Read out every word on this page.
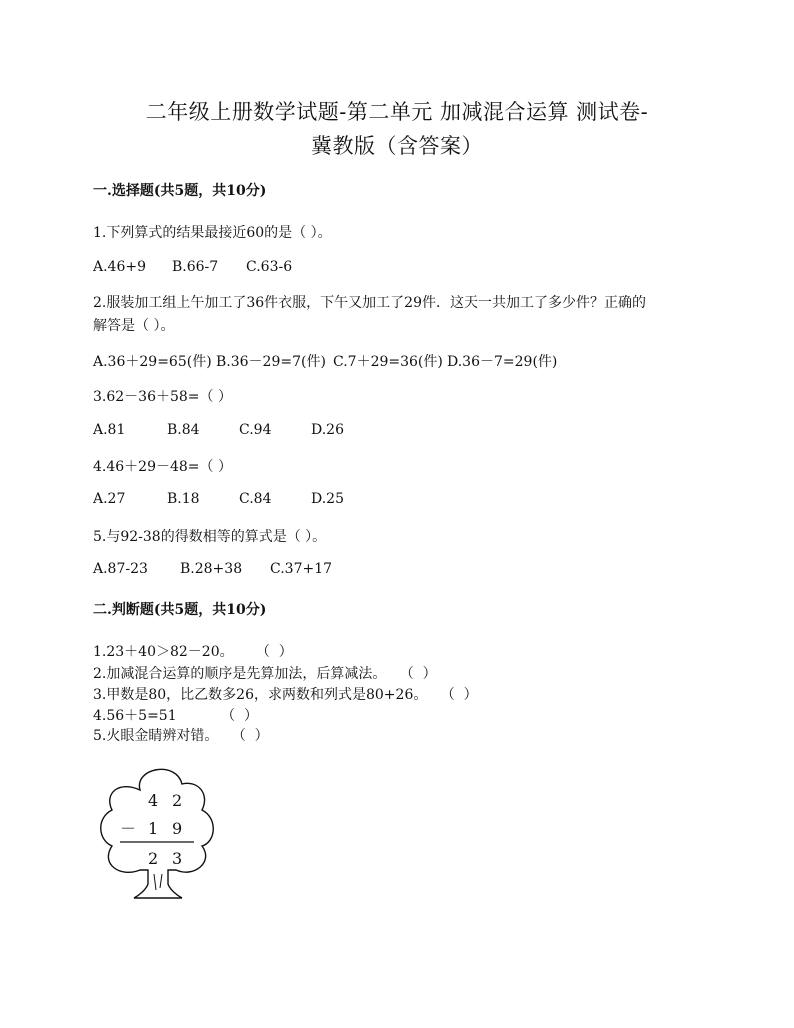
二年级上册数学试题-第二单元 加减混合运算 测试卷-
冀教版（含答案）
一.选择题(共5题，共10分)
1.下列算式的结果最接近60的是（ ）。
A.46+9 B.66-7 C.63-6
2.服装加工组上午加工了36件衣服，下午又加工了29件．这天一共加工了多少件？正确的
解答是（ ）。
A.36＋29=65(件) B.36－29=7(件) C.7＋29=36(件) D.36－7=29(件)
3.62－36＋58=（ ）
A.81	B.84	C.94	D.26
4.46＋29－48=（ ）
A.27	B.18	C.84	D.25
5.与92-38的得数相等的算式是（ ）。
A.87-23 B.28+38 C.37+17
二.判断题(共5题，共10分)
1.23＋40＞82－20。     （  ）
2.加减混合运算的顺序是先算加法，后算减法。   （  ）
3.甲数是80，比乙数多26，求两数和列式是80+26。   （  ）
4.56＋5=51          （  ）
5.火眼金睛辨对错。   （  ）
4 2
－ 1 9
2 3
